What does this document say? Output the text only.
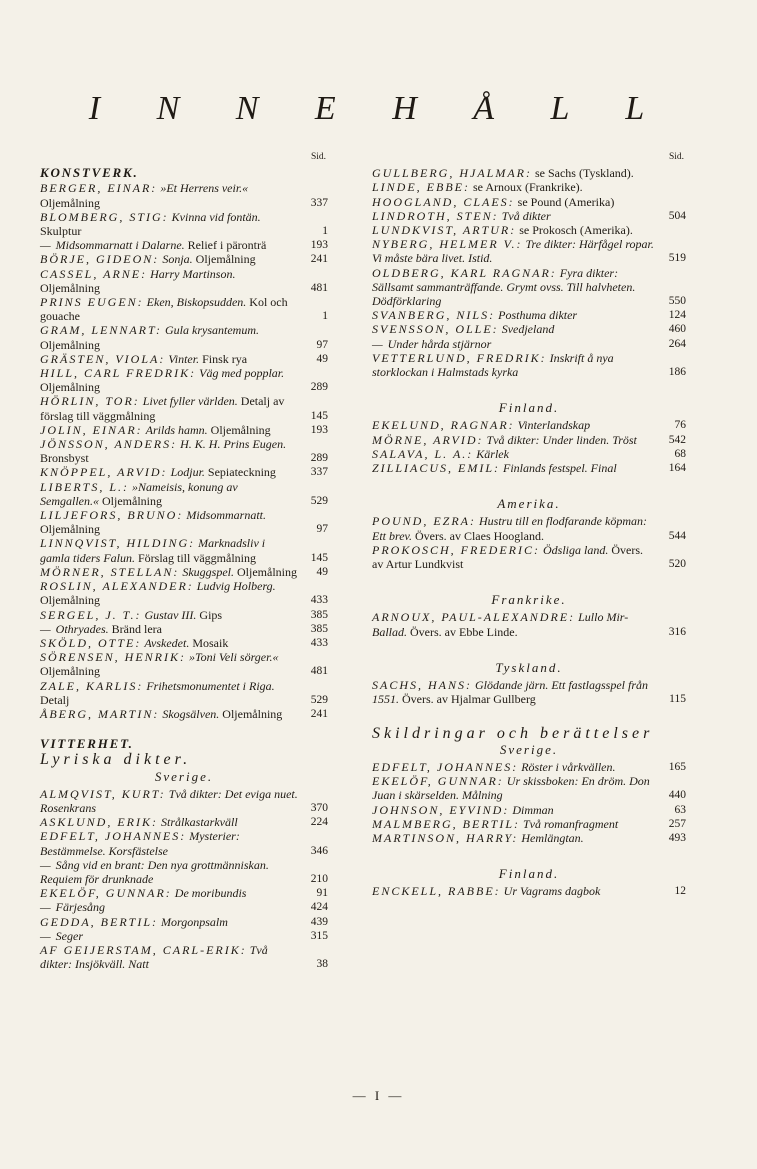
I N N E H Å L L
Sid.
KONSTVERK.

BERGER, EINAR: »Et Herrens veir.« Oljemålning	337

BLOMBERG, STIG: Kvinna vid fontän. Skulptur	1

— Midsommarnatt i Dalarne. Relief i päronträ	193

BÖRJE, GIDEON: Sonja. Oljemålning	241

CASSEL, ARNE: Harry Martinson. Oljemålning	481

PRINS EUGEN: Eken, Biskopsudden. Kol och gouache	1

GRAM, LENNART: Gula krysantemum. Oljemålning	97

GRÄSTEN, VIOLA: Vinter. Finsk rya	49

HILL, CARL FREDRIK: Väg med popplar. Oljemålning	289

HÖRLIN, TOR: Livet fyller världen. Detalj av förslag till väggmålning	145

JOLIN, EINAR: Arilds hamn. Oljemålning	193

JÖNSSON, ANDERS: H. K. H. Prins Eugen. Bronsbyst	289

KNÖPPEL, ARVID: Lodjur. Sepiateckning	337

LIBERTS, L.: »Nameisis, konung av Semgallen.« Oljemålning	529

LILJEFORS, BRUNO: Midsommarnatt. Oljemålning	97

LINNQVIST, HILDING: Marknadsliv i gamla tiders Falun. Förslag till väggmålning	145

MÖRNER, STELLAN: Skuggspel. Oljemålning 49

ROSLIN, ALEXANDER: Ludvig Holberg. Oljemålning	433

SERGEL, J. T.: Gustav III. Gips	385

— Othryades. Bränd lera	385

SKÖLD, OTTE: Avskedet. Mosaik	433

SÖRENSEN, HENRIK: »Toni Veli sörger.« Oljemålning	481

ZALE, KARLIS: Frihetsmonumentet i Riga. Detalj	529

ÅBERG, MARTIN: Skogsälven. Oljemålning 241

VITTERHET.
Lyriska dikter.
Sverige.

ALMQVIST, KURT: Två dikter: Det eviga nuet. Rosenkrans	370

ASKLUND, ERIK: Strålkastarkväll	224

EDFELT, JOHANNES: Mysterier: Bestämmelse. Korsfästelse	346

— Sång vid en brant: Den nya grottmänniskan. Requiem för drunknade	210

EKELÖF, GUNNAR: De moribundis	91

— Färjesång	424

GEDDA, BERTIL: Morgonpsalm	439

— Seger	315

AF GEIJERSTAM, CARL-ERIK: Två dikter: Insjökväll. Natt	38

Sid.

GULLBERG, HJALMAR: se Sachs (Tyskland).

LINDE, EBBE: se Arnoux (Frankrike).

HOOGLAND, CLAES: se Pound (Amerika)

LINDROTH, STEN: Två dikter	504

LUNDKVIST, ARTUR: se Prokosch (Amerika).

NYBERG, HELMER V.: Tre dikter: Härfågel ropar. Vi måste bära livet. Istid.	519

OLDBERG, KARL RAGNAR: Fyra dikter: Sällsamt sammanträffande. Grymt ovss. Till halvheten. Dödförklaring	550

SVANBERG, NILS: Posthuma dikter	124

SVENSSON, OLLE: Svedjeland	460

— Under hårda stjärnor	264

VETTERLUND, FREDRIK: Inskrift å nya storklockan i Halmstads kyrka	186

Finland.

EKELUND, RAGNAR: Vinterlandskap	76

MÖRNE, ARVID: Två dikter: Under linden. Tröst	542

SALAVA, L. A.: Kärlek	68

ZILLIACUS, EMIL: Finlands festspel. Final	164

Amerika.

POUND, EZRA: Hustru till en flodfarande köpman: Ett brev. Övers. av Claes Hoogland.	544

PROKOSCH, FREDERIC: Ödsliga land. Övers. av Artur Lundkvist	520

Frankrike.

ARNOUX, PAUL-ALEXANDRE: Lullo Mir-Ballad. Övers. av Ebbe Linde.	316

Tyskland.

SACHS, HANS: Glödande järn. Ett fastlagsspel från 1551. Övers. av Hjalmar Gullberg	115

Skildringar och berättelser
Sverige.

EDFELT, JOHANNES: Röster i vårkvällen.	165

EKELÖF, GUNNAR: Ur skissboken: En dröm. Don Juan i skärselden. Målning	440

JOHNSON, EYVIND: Dimman	63

MALMBERG, BERTIL: Två romanfragment	257

MARTINSON, HARRY: Hemlängtan.	493

Finland.

ENCKELL, RABBE: Ur Vagrams dagbok	12

— I —
